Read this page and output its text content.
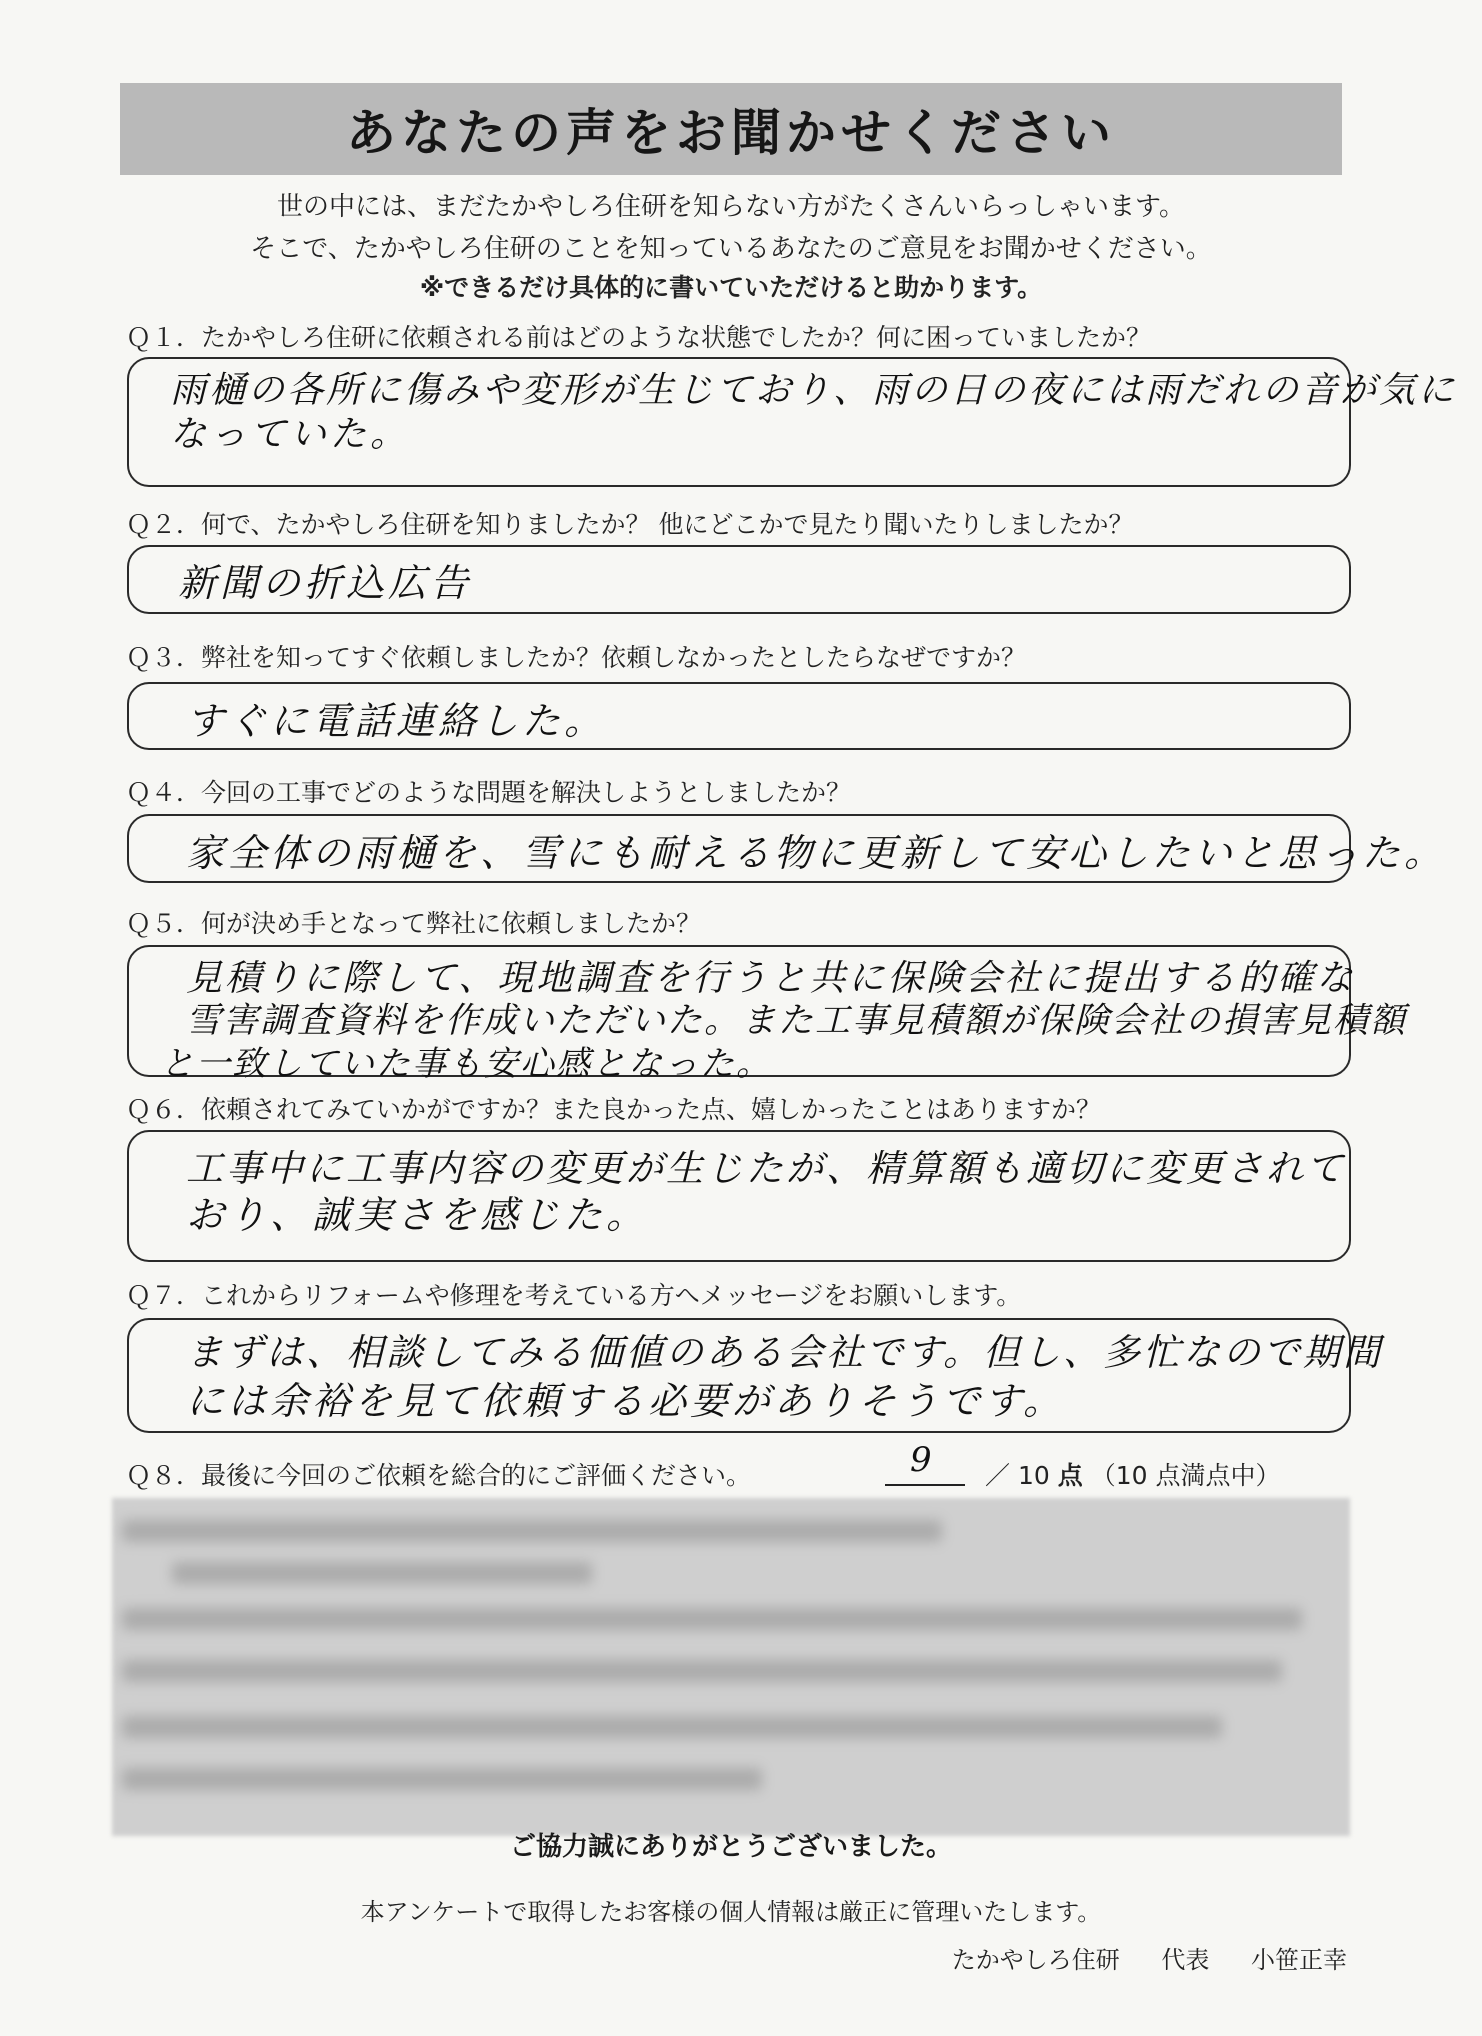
あなたの声をお聞かせください
世の中には、まだたかやしろ住研を知らない方がたくさんいらっしゃいます。
そこで、たかやしろ住研のことを知っているあなたのご意見をお聞かせください。
※できるだけ具体的に書いていただけると助かります。
Ｑ１．たかやしろ住研に依頼される前はどのような状態でしたか？何に困っていましたか？
雨樋の各所に傷みや変形が生じており、雨の日の夜には雨だれの音が気に
なっていた。
Ｑ２．何で、たかやしろ住研を知りましたか？ 他にどこかで見たり聞いたりしましたか？
新聞の折込広告
Ｑ３．弊社を知ってすぐ依頼しましたか？依頼しなかったとしたらなぜですか？
すぐに電話連絡した。
Ｑ４．今回の工事でどのような問題を解決しようとしましたか？
家全体の雨樋を、雪にも耐える物に更新して安心したいと思った。
Ｑ５．何が決め手となって弊社に依頼しましたか？
見積りに際して、現地調査を行うと共に保険会社に提出する的確な
雪害調査資料を作成いただいた。また工事見積額が保険会社の損害見積額
と一致していた事も安心感となった。
Ｑ６．依頼されてみていかがですか？また良かった点、嬉しかったことはありますか？
工事中に工事内容の変更が生じたが、精算額も適切に変更されて
おり、誠実さを感じた。
Ｑ７．これからリフォームや修理を考えている方へメッセージをお願いします。
まずは、相談してみる価値のある会社です。但し、多忙なので期間
には余裕を見て依頼する必要がありそうです。
Ｑ８．最後に今回のご依頼を総合的にご評価ください。	9 ／ 10 点 （10 点満点中）
ご協力誠にありがとうございました。
本アンケートで取得したお客様の個人情報は厳正に管理いたします。
たかやしろ住研 代表 小笹正幸
